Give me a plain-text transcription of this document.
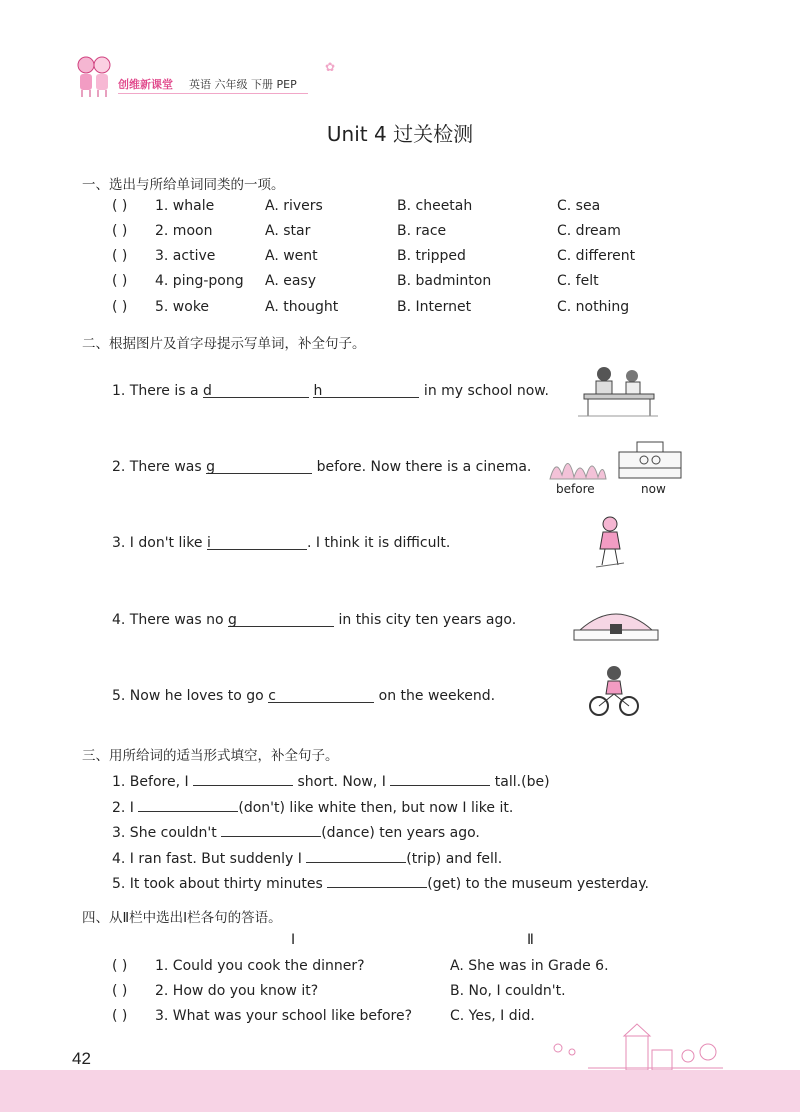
创维新课堂 英语 六年级 下册 PEP
✿
Unit 4 过关检测
一、选出与所给单词同类的一项。
( ) 1. whale	A. rivers	B. cheetah	C. sea
( ) 2. moon	A. star	B. race	C. dream
( ) 3. active	A. went	B. tripped	C. different
( ) 4. ping-pong A. easy	B. badminton	C. felt
( ) 5. woke	A. thought	B. Internet	C. nothing
二、根据图片及首字母提示写单词，补全句子。
1. There is a d	h	in my school now.
2. There was g	before. Now there is a cinema.
before	now
3. I don't like i	. I think it is difficult.
4. There was no g	in this city ten years ago.
5. Now he loves to go c	on the weekend.
三、用所给词的适当形式填空，补全句子。
1. Before, I	short. Now, I	tall.(be)
2. I	(don't) like white then, but now I like it.
3. She couldn't	(dance) ten years ago.
4. I ran fast. But suddenly I	(trip) and fell.
5. It took about thirty minutes	(get) to the museum yesterday.
四、从Ⅱ栏中选出Ⅰ栏各句的答语。
Ⅰ	Ⅱ
( ) 1. Could you cook the dinner?	A. She was in Grade 6.
( ) 2. How do you know it?	B. No, I couldn't.
( ) 3. What was your school like before?	C. Yes, I did.
42
